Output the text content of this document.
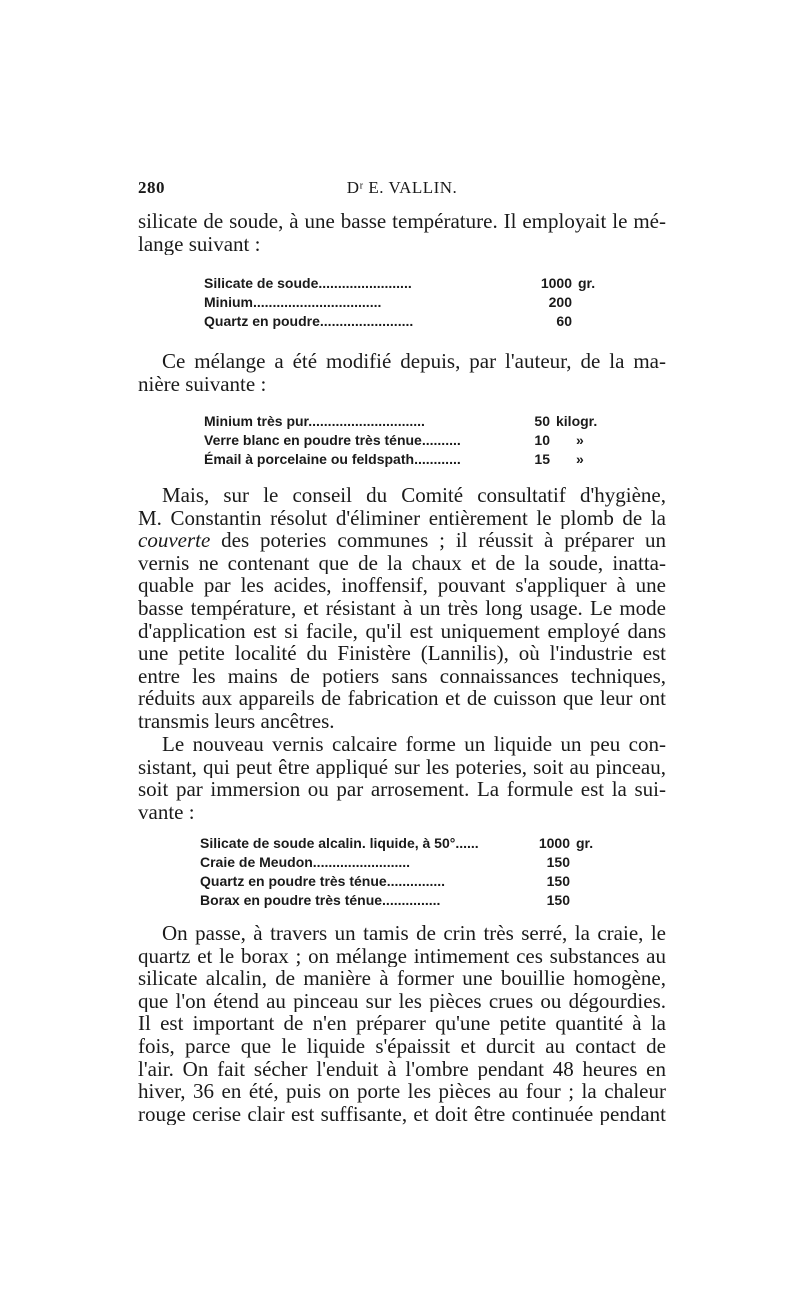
280	Dʳ E. VALLIN.
silicate de soude, à une basse température. Il employait le mé-
lange suivant :
Silicate de soude........................	1000 gr.
Minium.................................	200
Quartz en poudre........................	60
Ce mélange a été modifié depuis, par l'auteur, de la ma-
nière suivante :
Minium très pur..............................	50 kilogr.
Verre blanc en poudre très ténue..........	10	»
Émail à porcelaine ou feldspath............	15	»
Mais, sur le conseil du Comité consultatif d'hygiène,
M. Constantin résolut d'éliminer entièrement le plomb de la
couverte des poteries communes ; il réussit à préparer un
vernis ne contenant que de la chaux et de la soude, inatta-
quable par les acides, inoffensif, pouvant s'appliquer à une
basse température, et résistant à un très long usage. Le mode
d'application est si facile, qu'il est uniquement employé dans
une petite localité du Finistère (Lannilis), où l'industrie est
entre les mains de potiers sans connaissances techniques,
réduits aux appareils de fabrication et de cuisson que leur ont
transmis leurs ancêtres.
Le nouveau vernis calcaire forme un liquide un peu con-
sistant, qui peut être appliqué sur les poteries, soit au pinceau,
soit par immersion ou par arrosement. La formule est la sui-
vante :
Silicate de soude alcalin. liquide, à 50°......	1000 gr.
Craie de Meudon.........................	150
Quartz en poudre très ténue...............	150
Borax en poudre très ténue...............	150
On passe, à travers un tamis de crin très serré, la craie, le
quartz et le borax ; on mélange intimement ces substances au
silicate alcalin, de manière à former une bouillie homogène,
que l'on étend au pinceau sur les pièces crues ou dégourdies.
Il est important de n'en préparer qu'une petite quantité à la
fois, parce que le liquide s'épaissit et durcit au contact de
l'air. On fait sécher l'enduit à l'ombre pendant 48 heures en
hiver, 36 en été, puis on porte les pièces au four ; la chaleur
rouge cerise clair est suffisante, et doit être continuée pendant
